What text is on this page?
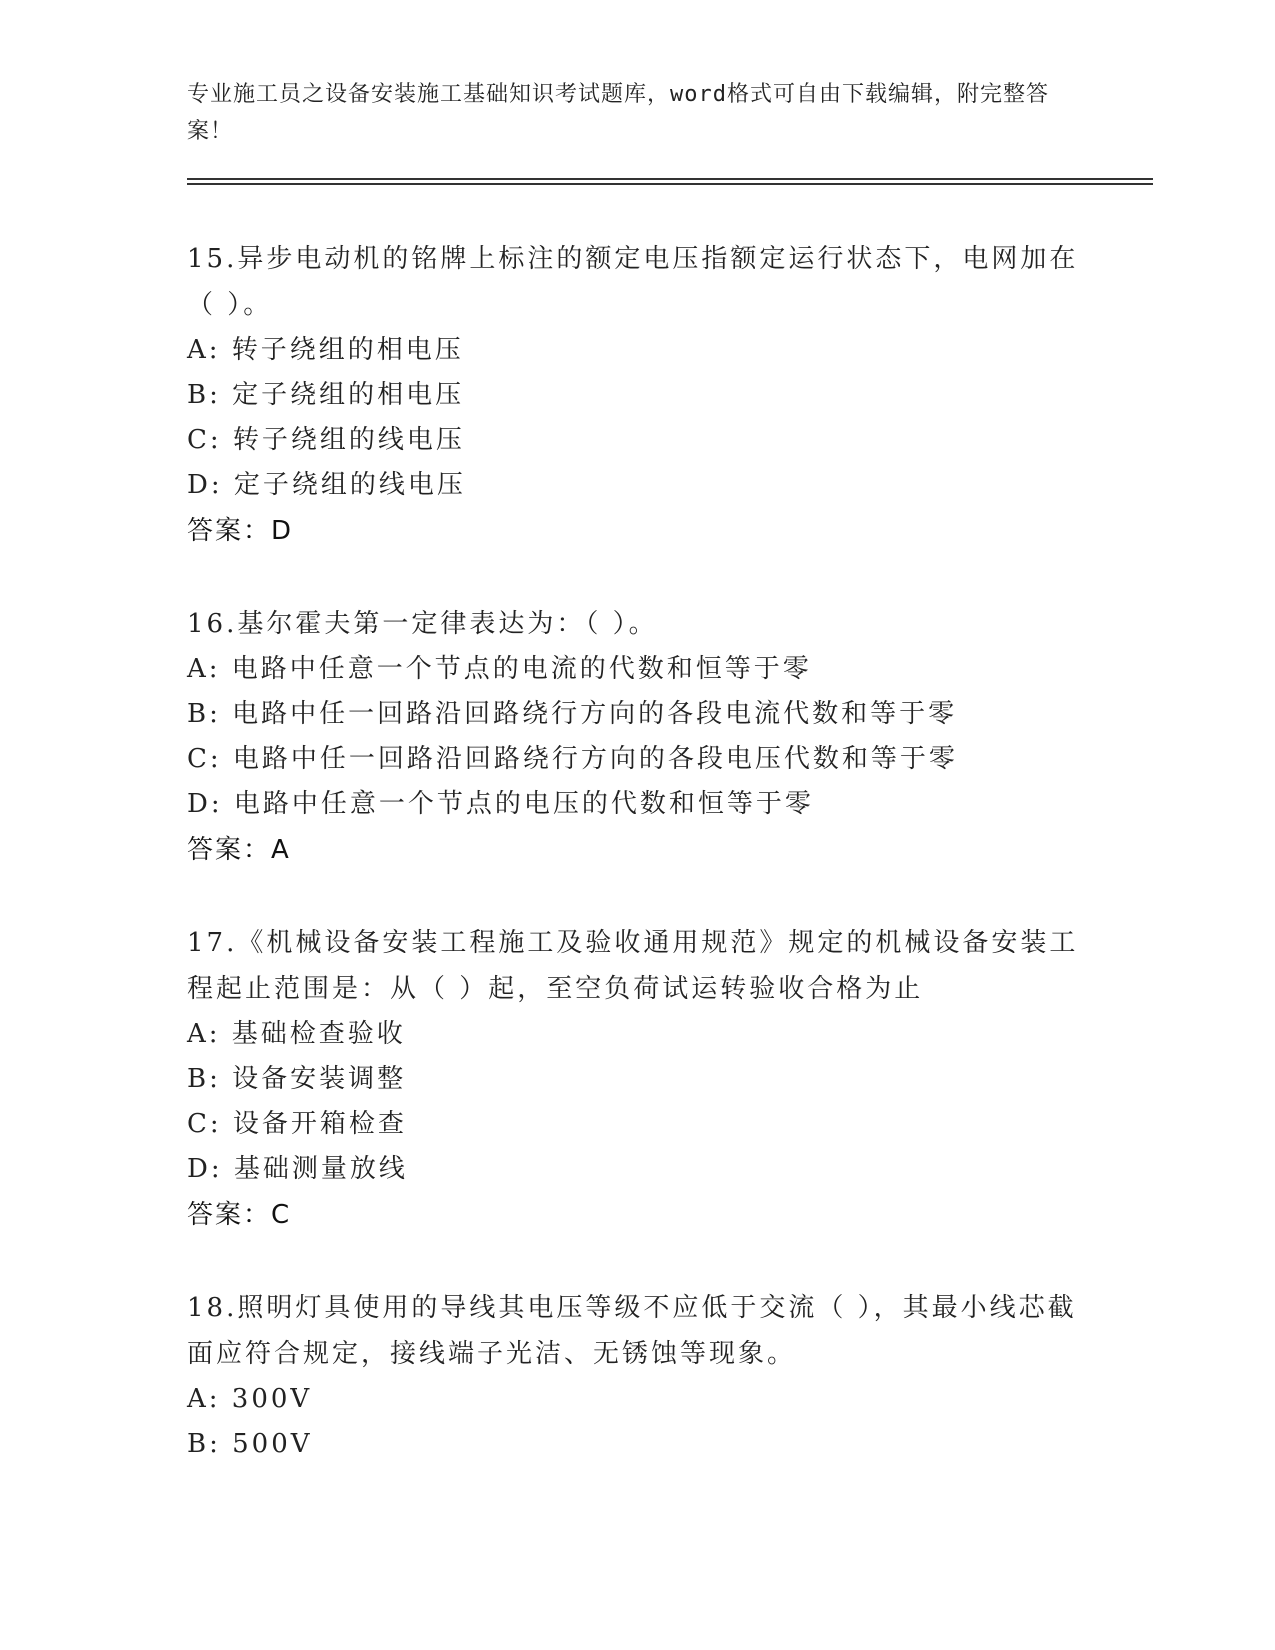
专业施工员之设备安装施工基础知识考试题库，word格式可自由下载编辑，附完整答案！

15.异步电动机的铭牌上标注的额定电压指额定运行状态下，电网加在（ ）。

A: 转子绕组的相电压

B: 定子绕组的相电压

C: 转子绕组的线电压

D: 定子绕组的线电压

答案：D

16.基尔霍夫第一定律表达为：（ ）。

A: 电路中任意一个节点的电流的代数和恒等于零

B: 电路中任一回路沿回路绕行方向的各段电流代数和等于零

C: 电路中任一回路沿回路绕行方向的各段电压代数和等于零

D: 电路中任意一个节点的电压的代数和恒等于零

答案：A

17.《机械设备安装工程施工及验收通用规范》规定的机械设备安装工程起止范围是：从（ ）起，至空负荷试运转验收合格为止

A: 基础检查验收

B: 设备安装调整

C: 设备开箱检查

D: 基础测量放线

答案：C

18.照明灯具使用的导线其电压等级不应低于交流（ ），其最小线芯截面应符合规定，接线端子光洁、无锈蚀等现象。

A: 300V

B: 500V
